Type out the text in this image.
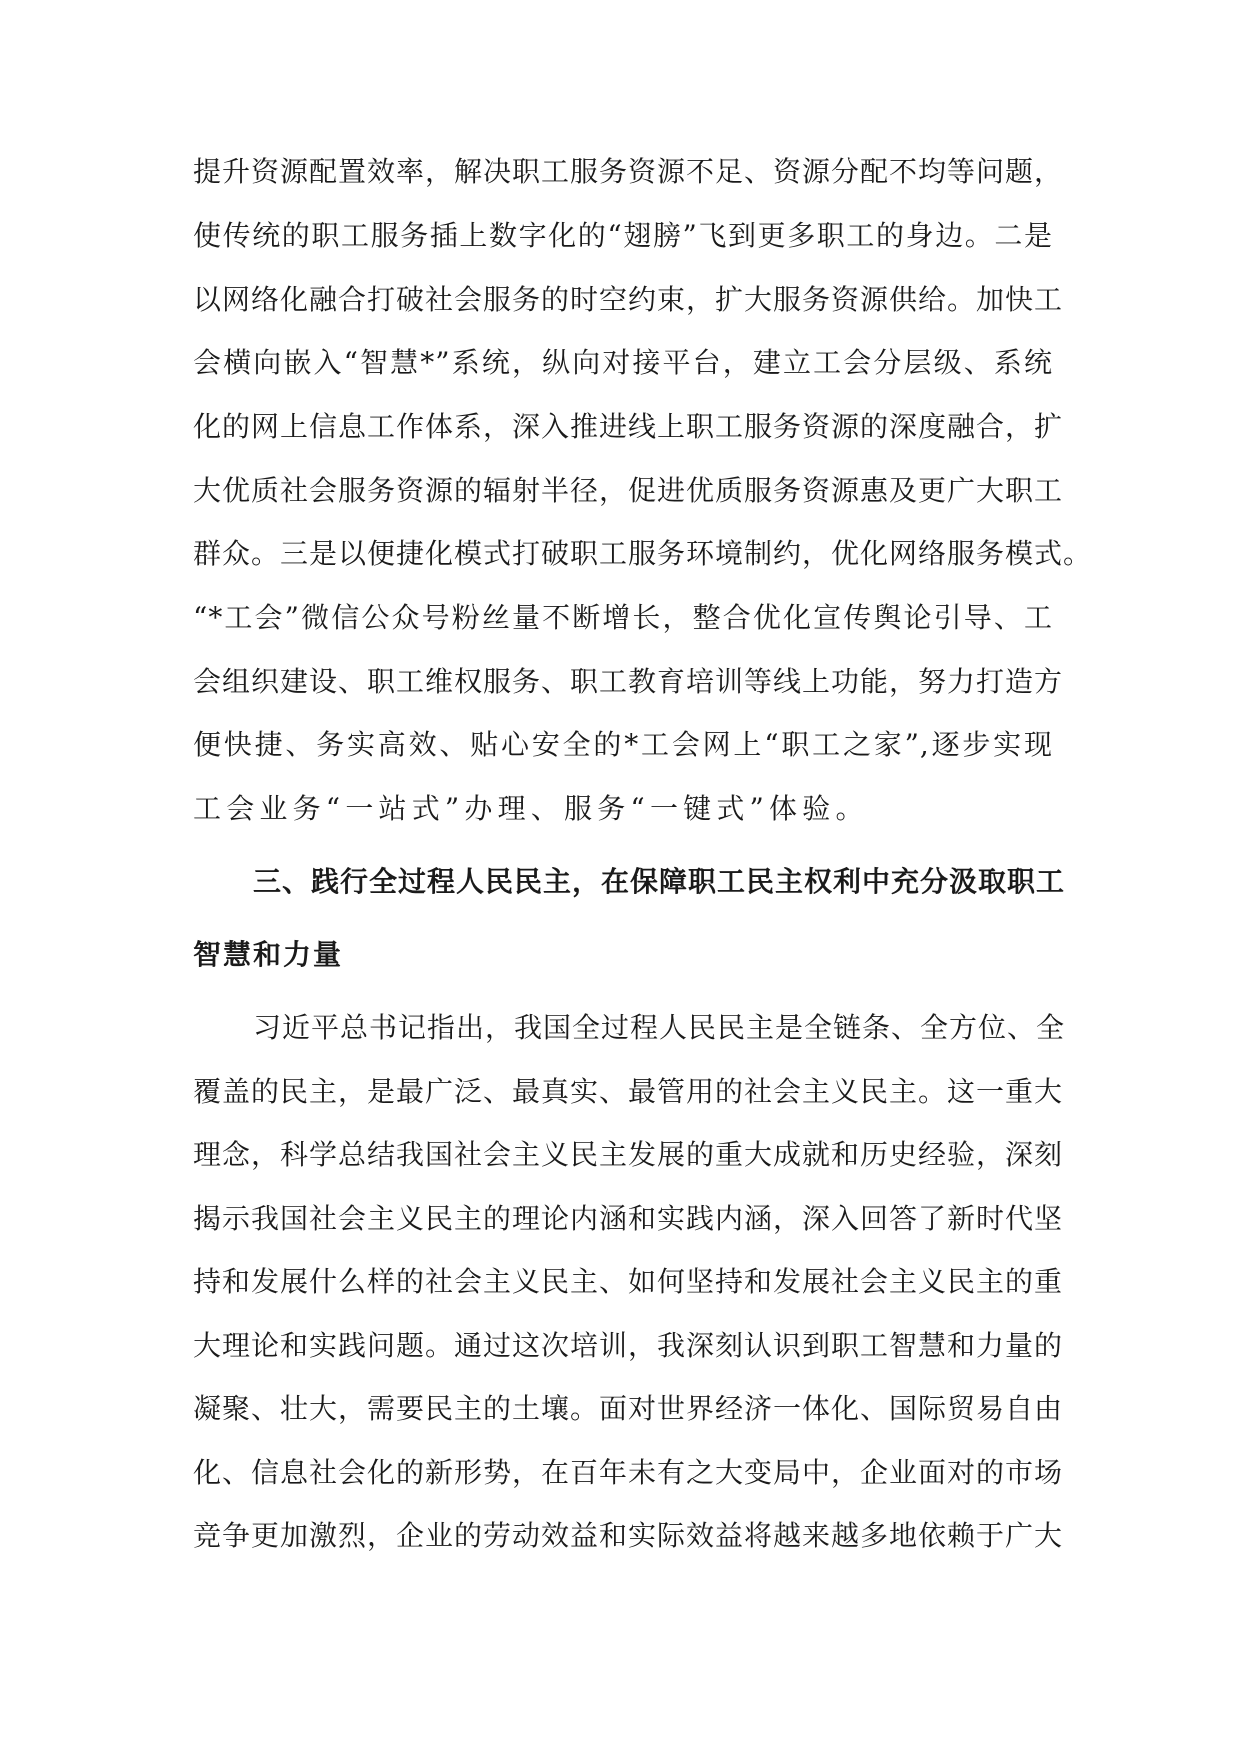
提升资源配置效率，解决职工服务资源不足、资源分配不均等问题，
使传统的职工服务插上数字化的“翅膀”飞到更多职工的身边。二是
以网络化融合打破社会服务的时空约束，扩大服务资源供给。加快工
会横向嵌入“智慧*”系统，纵向对接平台，建立工会分层级、系统
化的网上信息工作体系，深入推进线上职工服务资源的深度融合，扩
大优质社会服务资源的辐射半径，促进优质服务资源惠及更广大职工
群众。三是以便捷化模式打破职工服务环境制约，优化网络服务模式。
“*工会”微信公众号粉丝量不断增长，整合优化宣传舆论引导、工
会组织建设、职工维权服务、职工教育培训等线上功能，努力打造方
便快捷、务实高效、贴心安全的*工会网上“职工之家”,逐步实现
工会业务“一站式”办理、服务“一键式”体验。
三、践行全过程人民民主，在保障职工民主权利中充分汲取职工
智慧和力量
习近平总书记指出，我国全过程人民民主是全链条、全方位、全
覆盖的民主，是最广泛、最真实、最管用的社会主义民主。这一重大
理念，科学总结我国社会主义民主发展的重大成就和历史经验，深刻
揭示我国社会主义民主的理论内涵和实践内涵，深入回答了新时代坚
持和发展什么样的社会主义民主、如何坚持和发展社会主义民主的重
大理论和实践问题。通过这次培训，我深刻认识到职工智慧和力量的
凝聚、壮大，需要民主的土壤。面对世界经济一体化、国际贸易自由
化、信息社会化的新形势，在百年未有之大变局中，企业面对的市场
竞争更加激烈，企业的劳动效益和实际效益将越来越多地依赖于广大
